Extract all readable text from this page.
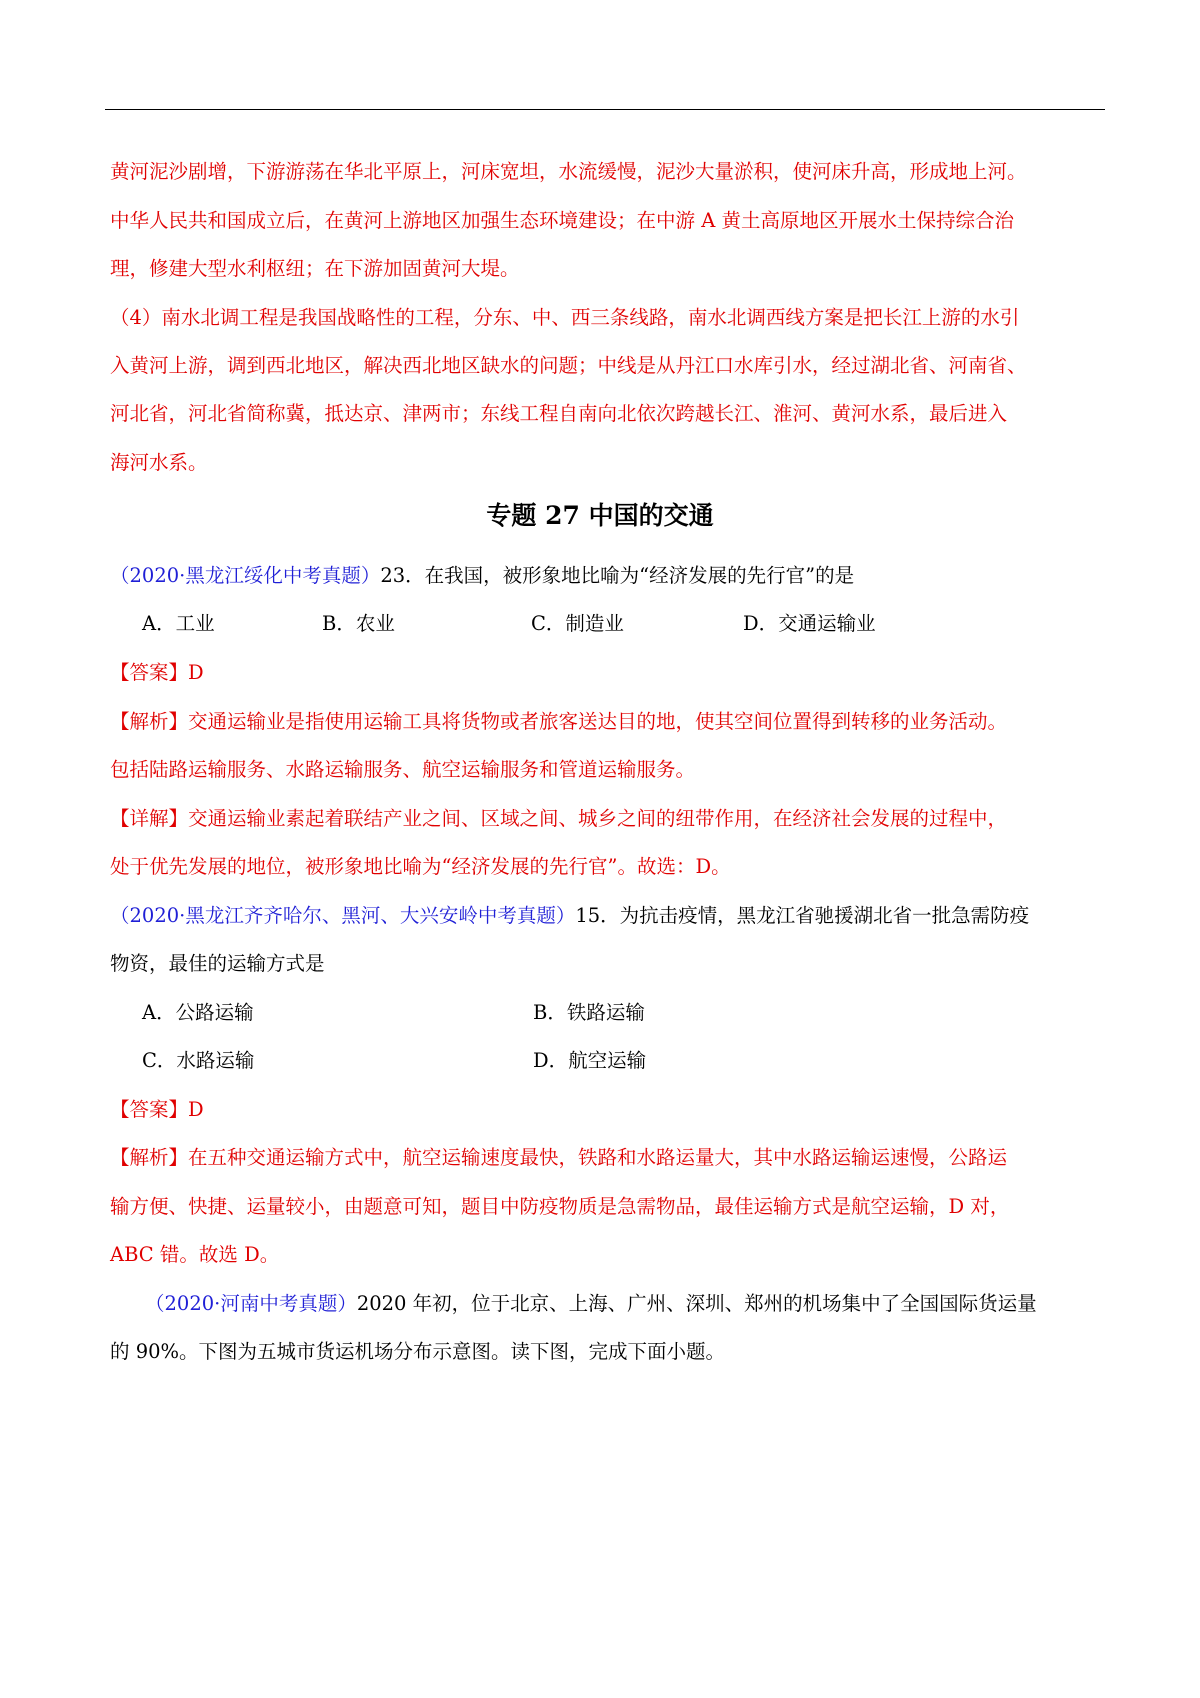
黄河泥沙剧增，下游游荡在华北平原上，河床宽坦，水流缓慢，泥沙大量淤积，使河床升高，形成地上河。
中华人民共和国成立后，在黄河上游地区加强生态环境建设；在中游 A 黄土高原地区开展水土保持综合治
理，修建大型水利枢纽；在下游加固黄河大堤。
（4）南水北调工程是我国战略性的工程，分东、中、西三条线路，南水北调西线方案是把长江上游的水引
入黄河上游，调到西北地区，解决西北地区缺水的问题；中线是从丹江口水库引水，经过湖北省、河南省、
河北省，河北省简称冀，抵达京、津两市；东线工程自南向北依次跨越长江、淮河、黄河水系，最后进入
海河水系。
专题 27 中国的交通
（2020·黑龙江绥化中考真题）23．在我国，被形象地比喻为“经济发展的先行官”的是
A．工业	B．农业	C．制造业	D．交通运输业
【答案】D
【解析】交通运输业是指使用运输工具将货物或者旅客送达目的地，使其空间位置得到转移的业务活动。
包括陆路运输服务、水路运输服务、航空运输服务和管道运输服务。
【详解】交通运输业素起着联结产业之间、区域之间、城乡之间的纽带作用，在经济社会发展的过程中，
处于优先发展的地位，被形象地比喻为“经济发展的先行官”。故选：D。
（2020·黑龙江齐齐哈尔、黑河、大兴安岭中考真题）15．为抗击疫情，黑龙江省驰援湖北省一批急需防疫
物资，最佳的运输方式是
A．公路运输	B．铁路运输
C．水路运输	D．航空运输
【答案】D
【解析】在五种交通运输方式中，航空运输速度最快，铁路和水路运量大，其中水路运输运速慢，公路运
输方便、快捷、运量较小，由题意可知，题目中防疫物质是急需物品，最佳运输方式是航空运输，D 对，
ABC 错。故选 D。
（2020·河南中考真题）2020 年初，位于北京、上海、广州、深圳、郑州的机场集中了全国国际货运量
的 90%。下图为五城市货运机场分布示意图。读下图，完成下面小题。
